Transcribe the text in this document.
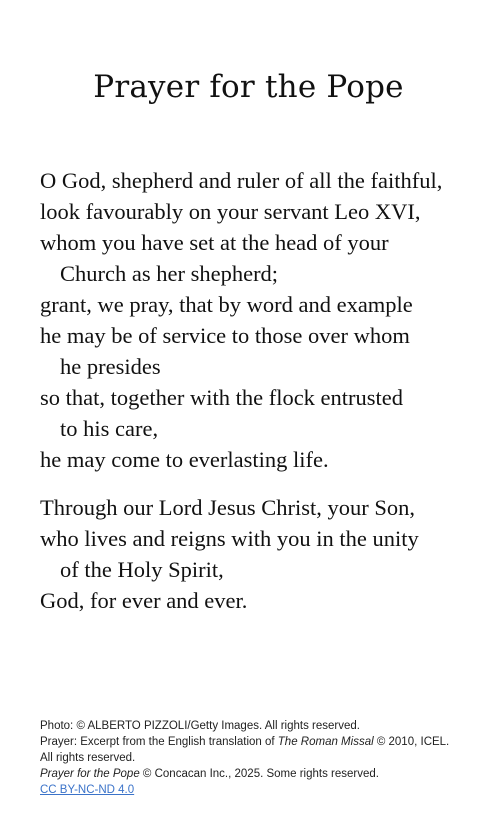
Prayer for the Pope
O God, shepherd and ruler of all the faithful,
look favourably on your servant Leo XVI,
whom you have set at the head of your
Church as her shepherd;
grant, we pray, that by word and example
he may be of service to those over whom
he presides
so that, together with the flock entrusted
to his care,
he may come to everlasting life.
Through our Lord Jesus Christ, your Son,
who lives and reigns with you in the unity
of the Holy Spirit,
God, for ever and ever.
Photo: © ALBERTO PIZZOLI/Getty Images. All rights reserved.
Prayer: Excerpt from the English translation of The Roman Missal © 2010, ICEL.
All rights reserved.
Prayer for the Pope © Concacan Inc., 2025. Some rights reserved.
CC BY-NC-ND 4.0
